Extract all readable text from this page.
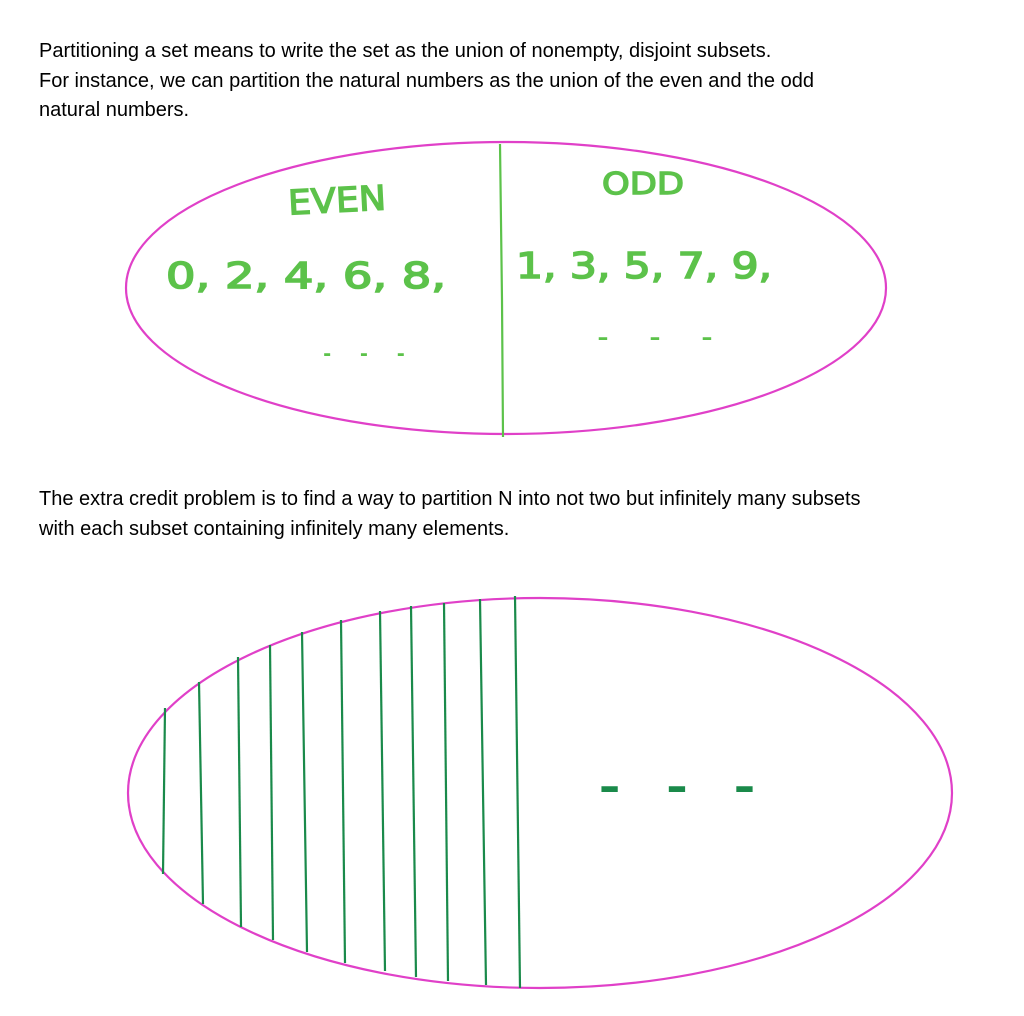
Partitioning a set means to write the set as the union of nonempty, disjoint subsets.

For instance, we can partition the natural numbers as the union of the even and the odd

natural numbers.

EVEN	ODD
0, 2, 4, 6, 8, 1, 3, 5, 7, 9,
. . .
. . .

The extra credit problem is to find a way to partition N into not two but infinitely many subsets

with each subset containing infinitely many elements.

. . .
